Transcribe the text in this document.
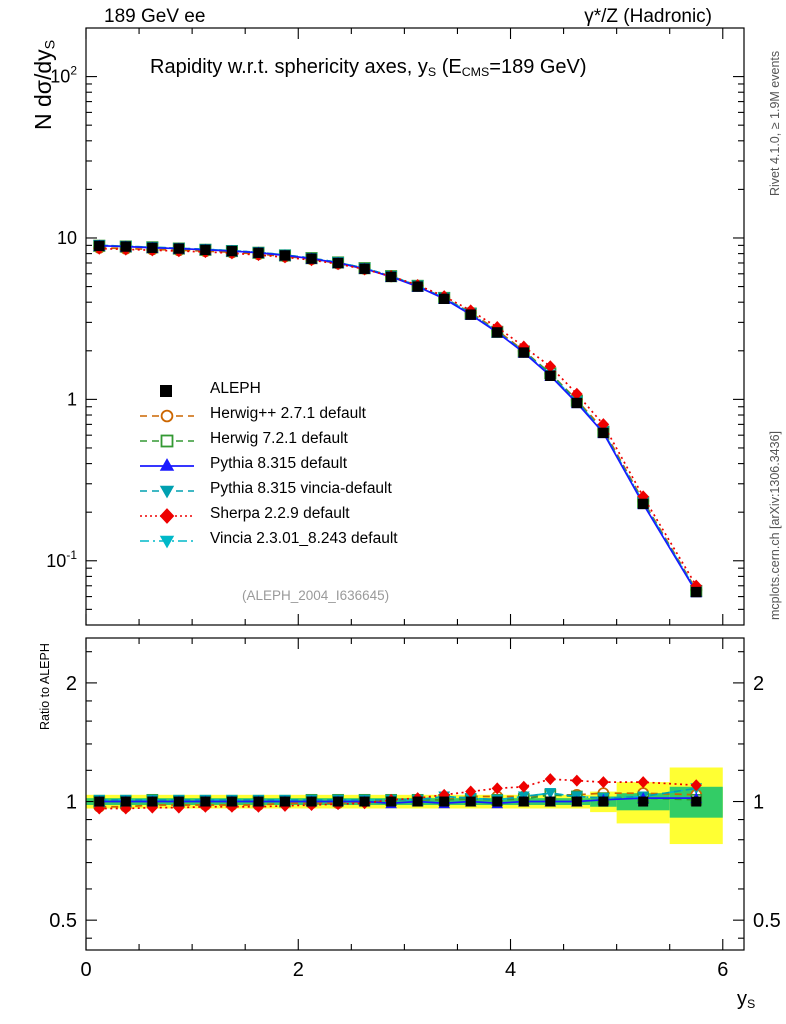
189 GeV ee	γ*/Z (Hadronic)
Rivet 4.1.0, ≥ 1.9M events
mcplots.cern.ch [arXiv:1306.3436]
Rapidity w.r.t. sphericity axes, $y_S$ ($E_{CMS}=189$ GeV)
N $d\sigma/dy_S$
Ratio to ALEPH
$y_S$
(ALEPH_2004_I636645)
ALEPH
Herwig++ 2.7.1 default
Herwig 7.2.1 default
Pythia 8.315 default
Pythia 8.315 vincia-default
Sherpa 2.2.9 default
Vincia 2.3.01_8.243 default
$10^{-1}$
1
10
$10^2$
0.5	0.5
1	1
2	2
0	2	4	6
